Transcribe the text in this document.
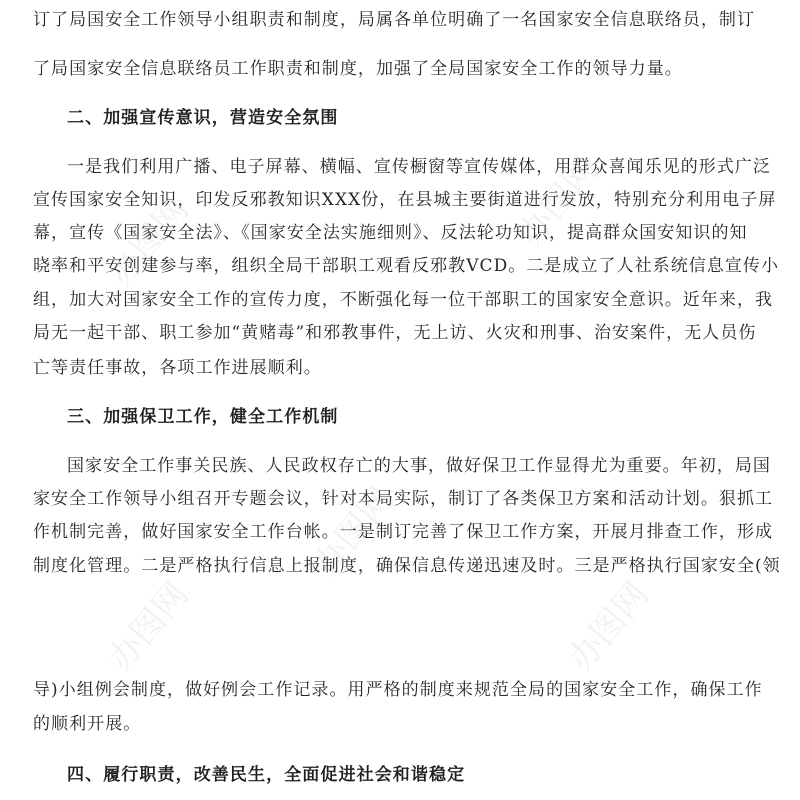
订了局国安全工作领导小组职责和制度，局属各单位明确了一名国家安全信息联络员，制订
了局国家安全信息联络员工作职责和制度，加强了全局国家安全工作的领导力量。
二、加强宣传意识，营造安全氛围
一是我们利用广播、电子屏幕、横幅、宣传橱窗等宣传媒体，用群众喜闻乐见的形式广泛
宣传国家安全知识，印发反邪教知识XXX份，在县城主要街道进行发放，特别充分利用电子屏
幕，宣传《国家安全法》、《国家安全法实施细则》、反法轮功知识，提高群众国安知识的知
晓率和平安创建参与率，组织全局干部职工观看反邪教VCD。二是成立了人社系统信息宣传小
组，加大对国家安全工作的宣传力度，不断强化每一位干部职工的国家安全意识。近年来，我
局无一起干部、职工参加“黄赌毒”和邪教事件，无上访、火灾和刑事、治安案件，无人员伤
亡等责任事故，各项工作进展顺利。
三、加强保卫工作，健全工作机制
国家安全工作事关民族、人民政权存亡的大事，做好保卫工作显得尤为重要。年初，局国
家安全工作领导小组召开专题会议，针对本局实际，制订了各类保卫方案和活动计划。狠抓工
作机制完善，做好国家安全工作台帐。一是制订完善了保卫工作方案，开展月排查工作，形成
制度化管理。二是严格执行信息上报制度，确保信息传递迅速及时。三是严格执行国家安全(领
导)小组例会制度，做好例会工作记录。用严格的制度来规范全局的国家安全工作，确保工作
的顺利开展。
四、履行职责，改善民生，全面促进社会和谐稳定
办图网	办图网
办图网
办图网	办图网
